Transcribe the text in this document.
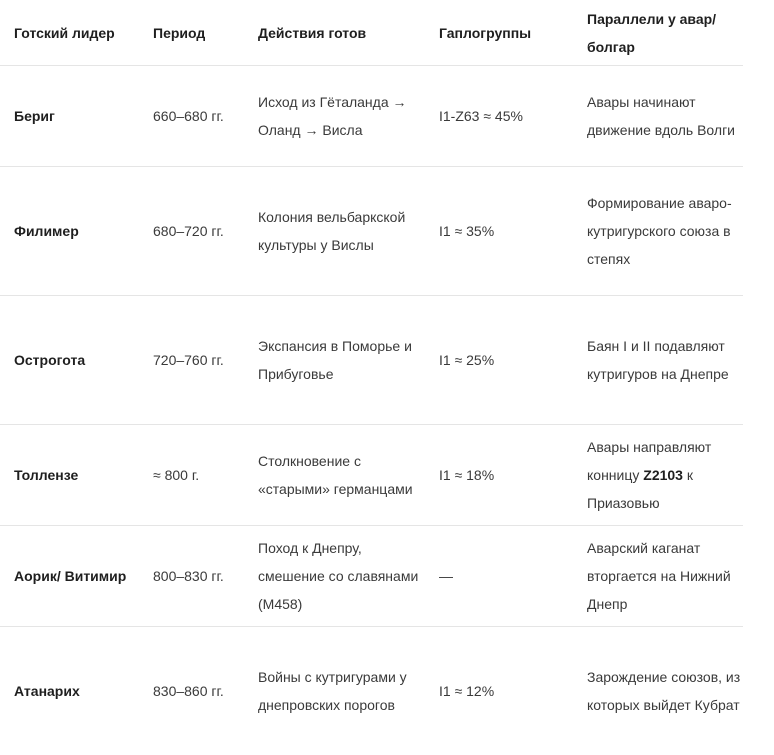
Готский лидер	Период	Действия готов	Гаплогруппы	Параллели у авар/болгар
Бериг	660–680 гг.	Исход из Гёталанда → Оланд → Висла	I1-Z63 ≈ 45%	Авары начинают движение вдоль Волги
Филимер	680–720 гг.	Колония вельбаркской культуры у Вислы	I1 ≈ 35%	Формирование аваро-кутригурского союза в степях
Острогота	720–760 гг.	Экспансия в Поморье и Прибуговье	I1 ≈ 25%	Баян I и II подавляют кутригуров на Днепре
Толлензе	≈ 800 г.	Столкновение с «старыми» германцами	I1 ≈ 18%	Авары направляют конницу Z2103 к Приазовью
Аорик/ Витимир	800–830 гг.	Поход к Днепру, смешение со славянами (M458)	—	Аварский каганат вторгается на Нижний Днепр
Атанарих	830–860 гг.	Войны с кутригурами у днепровских порогов	I1 ≈ 12%	Зарождение союзов, из которых выйдет Кубрат
